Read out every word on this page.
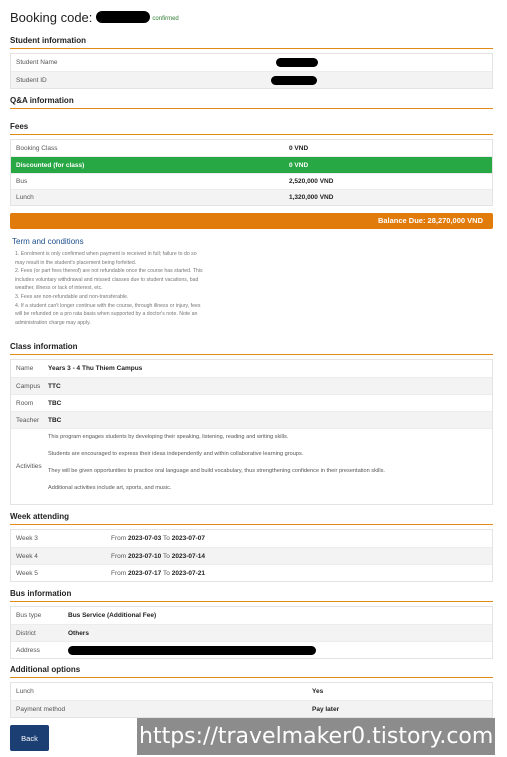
Booking code:	confirmed
Student information
Student Name
Student ID
Q&A information
Fees
Booking Class	0 VND
Discounted (for class)	0 VND
Bus	2,520,000 VND
Lunch	1,320,000 VND
Balance Due: 28,270,000 VND
Term and conditions
1. Enrolment is only confirmed when payment is received in full; failure to do so
may result in the student's placement being forfeited.
2. Fees (or part fees thereof) are not refundable once the course has started. This
includes voluntary withdrawal and missed classes due to student vacations, bad
weather, illness or lack of interest, etc.
3. Fees are non-refundable and non-transferable.
4. If a student can't longer continue with the course, through illness or injury, fees
will be refunded on a pro rata basis when supported by a doctor's note. Note an
administration charge may apply.
Class information
Name	Years 3 - 4 Thu Thiem Campus
Campus	TTC
Room	TBC
Teacher	TBC
Activities
This program engages students by developing their speaking, listening, reading and writing skills.
Students are encouraged to express their ideas independently and within collaborative learning groups.
They will be given opportunities to practice oral language and build vocabulary, thus strengthening confidence in their presentation skills.
Additional activities include art, sports, and music.
Week attending
Week 3	From 2023-07-03 To 2023-07-07
Week 4	From 2023-07-10 To 2023-07-14
Week 5	From 2023-07-17 To 2023-07-21
Bus information
Bus type	Bus Service (Additional Fee)
District	Others
Address
Additional options
Lunch	Yes
Payment method	Pay later
Back	https://travelmaker0.tistory.com
